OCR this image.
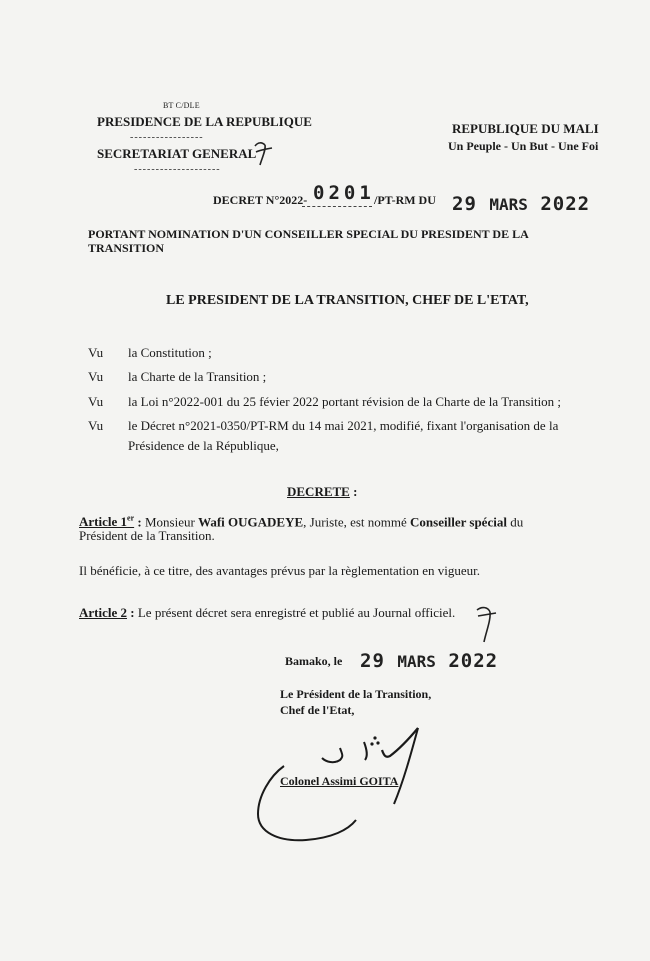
BT C/DLE
PRESIDENCE DE LA REPUBLIQUE
-----------------
SECRETARIAT GENERAL
--------------------
REPUBLIQUE DU MALI
Un Peuple - Un But - Une Foi
DECRET N°2022- 0201 /PT-RM DU 29 MARS 2022
PORTANT NOMINATION D'UN CONSEILLER SPECIAL DU PRESIDENT DE LA
TRANSITION
LE PRESIDENT DE LA TRANSITION, CHEF DE L'ETAT,
Vu la Constitution ;
Vu la Charte de la Transition ;
Vu la Loi n°2022-001 du 25 févier 2022 portant révision de la Charte de la Transition ;
Vu le Décret n°2021-0350/PT-RM du 14 mai 2021, modifié, fixant l'organisation de la
Présidence de la République,
DECRETE :
Article 1er : Monsieur Wafi OUGADEYE, Juriste, est nommé Conseiller spécial du
Président de la Transition.
Il bénéficie, à ce titre, des avantages prévus par la règlementation en vigueur.
Article 2 : Le présent décret sera enregistré et publié au Journal officiel.
Bamako, le 29 MARS 2022
Le Président de la Transition,
Chef de l'Etat,
Colonel Assimi GOITA
